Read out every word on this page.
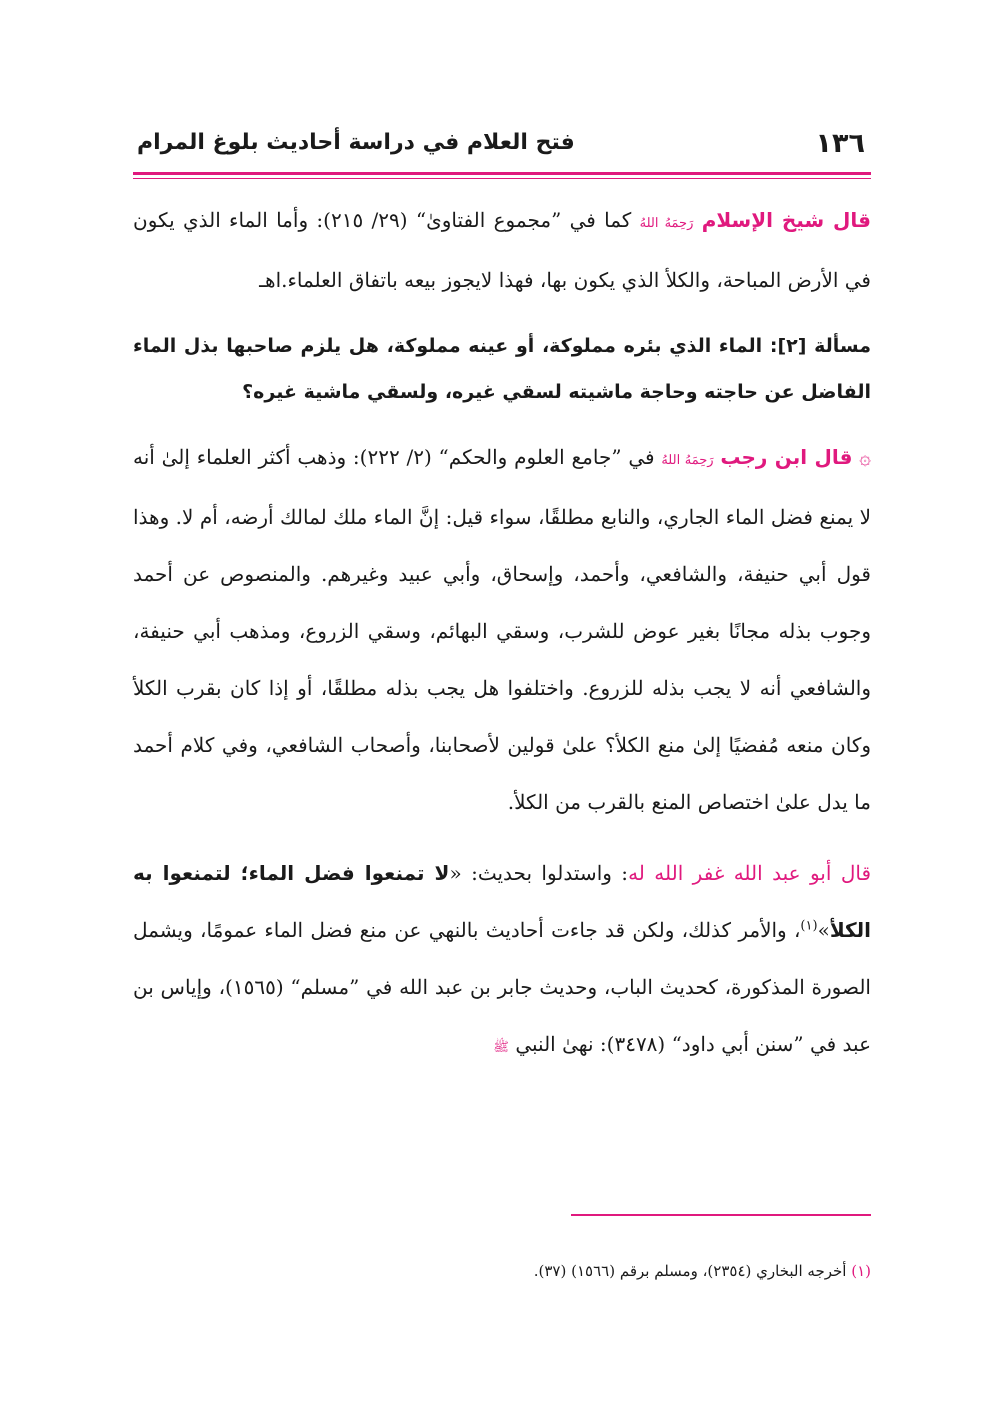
١٣٦
فتح العلام في دراسة أحاديث بلوغ المرام

قال شيخ الإسلام رَحِمَهُ اللهُ كما في ”مجموع الفتاوىٰ“ (٢٩/ ٢١٥): وأما الماء الذي يكون في الأرض المباحة، والكلأ الذي يكون بها، فهذا لايجوز بيعه باتفاق العلماء.اهـ

مسألة [٢]: الماء الذي بئره مملوكة، أو عينه مملوكة، هل يلزم صاحبها بذل الماء الفاضل عن حاجته وحاجة ماشيته لسقي غيره، ولسقي ماشية غيره؟

۞ قال ابن رجب رَحِمَهُ اللهُ في ”جامع العلوم والحكم“ (٢/ ٢٢٢): وذهب أكثر العلماء إلىٰ أنه لا يمنع فضل الماء الجاري، والنابع مطلقًا، سواء قيل: إنَّ الماء ملك لمالك أرضه، أم لا. وهذا قول أبي حنيفة، والشافعي، وأحمد، وإسحاق، وأبي عبيد وغيرهم. والمنصوص عن أحمد وجوب بذله مجانًا بغير عوض للشرب، وسقي البهائم، وسقي الزروع، ومذهب أبي حنيفة، والشافعي أنه لا يجب بذله للزروع. واختلفوا هل يجب بذله مطلقًا، أو إذا كان بقرب الكلأ وكان منعه مُفضيًا إلىٰ منع الكلأ؟ علىٰ قولين لأصحابنا، وأصحاب الشافعي، وفي كلام أحمد ما يدل علىٰ اختصاص المنع بالقرب من الكلأ.

قال أبو عبد الله غفر الله له: واستدلوا بحديث: «لا تمنعوا فضل الماء؛ لتمنعوا به الكلأ»$^{(١)}$، والأمر كذلك، ولكن قد جاءت أحاديث بالنهي عن منع فضل الماء عمومًا، ويشمل الصورة المذكورة، كحديث الباب، وحديث جابر بن عبد الله في ”مسلم“ (١٥٦٥)، وإياس بن عبد في ”سنن أبي داود“ (٣٤٧٨): نهىٰ النبي ﷺ

(١) أخرجه البخاري (٢٣٥٤)، ومسلم برقم (١٥٦٦) (٣٧).
